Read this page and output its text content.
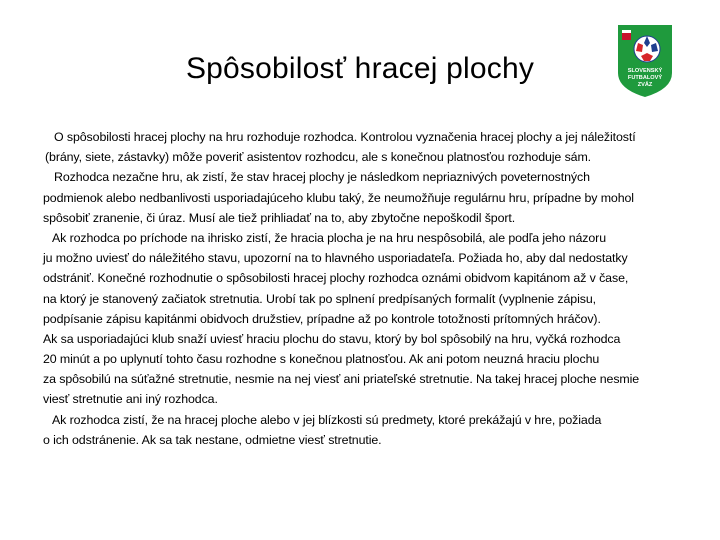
Spôsobilosť hracej plochy	SLOVENSKÝ
FUTBALOVÝ
ZVÄZ
O spôsobilosti hracej plochy na hru rozhoduje rozhodca. Kontrolou vyznačenia hracej plochy a jej náležitostí
(brány, siete, zástavky) môže poveriť asistentov rozhodcu, ale s konečnou platnosťou rozhoduje sám.
Rozhodca nezačne hru, ak zistí, že stav hracej plochy je následkom nepriaznivých poveternostných
podmienok alebo nedbanlivosti usporiadajúceho klubu taký, že neumožňuje regulárnu hru, prípadne by mohol
spôsobiť zranenie, či úraz. Musí ale tiež prihliadať na to, aby zbytočne nepoškodil šport.
Ak rozhodca po príchode na ihrisko zistí, že hracia plocha je na hru nespôsobilá, ale podľa jeho názoru
ju možno uviesť do náležitého stavu, upozorní na to hlavného usporiadateľa. Požiada ho, aby dal nedostatky
odstrániť. Konečné rozhodnutie o spôsobilosti hracej plochy rozhodca oznámi obidvom kapitánom až v čase,
na ktorý je stanovený začiatok stretnutia. Urobí tak po splnení predpísaných formalít (vyplnenie zápisu,
podpísanie zápisu kapitánmi obidvoch družstiev, prípadne až po kontrole totožnosti prítomných hráčov).
Ak sa usporiadajúci klub snaží uviesť hraciu plochu do stavu, ktorý by bol spôsobilý na hru, vyčká rozhodca
20 minút a po uplynutí tohto času rozhodne s konečnou platnosťou. Ak ani potom neuzná hraciu plochu
za spôsobilú na súťažné stretnutie, nesmie na nej viesť ani priateľské stretnutie. Na takej hracej ploche nesmie
viesť stretnutie ani iný rozhodca.
Ak rozhodca zistí, že na hracej ploche alebo v jej blízkosti sú predmety, ktoré prekážajú v hre, požiada
o ich odstránenie. Ak sa tak nestane, odmietne viesť stretnutie.
